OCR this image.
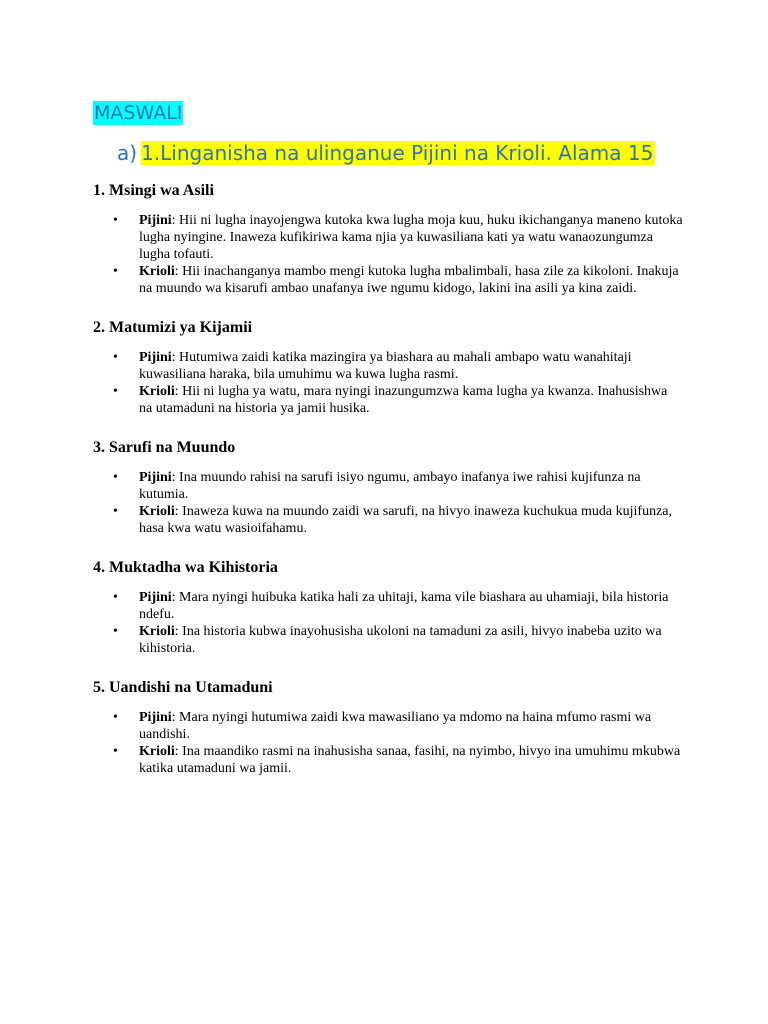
MASWALI
a) 1.Linganisha na ulinganue Pijini na Krioli. Alama 15
1. Msingi wa Asili
• Pijini: Hii ni lugha inayojengwa kutoka kwa lugha moja kuu, huku ikichanganya maneno kutoka lugha nyingine. Inaweza kufikiriwa kama njia ya kuwasiliana kati ya watu wanaozungumza lugha tofauti.
• Krioli: Hii inachanganya mambo mengi kutoka lugha mbalimbali, hasa zile za kikoloni. Inakuja na muundo wa kisarufi ambao unafanya iwe ngumu kidogo, lakini ina asili ya kina zaidi.
2. Matumizi ya Kijamii
• Pijini: Hutumiwa zaidi katika mazingira ya biashara au mahali ambapo watu wanahitaji kuwasiliana haraka, bila umuhimu wa kuwa lugha rasmi.
• Krioli: Hii ni lugha ya watu, mara nyingi inazungumzwa kama lugha ya kwanza. Inahusishwa na utamaduni na historia ya jamii husika.
3. Sarufi na Muundo
• Pijini: Ina muundo rahisi na sarufi isiyo ngumu, ambayo inafanya iwe rahisi kujifunza na kutumia.
• Krioli: Inaweza kuwa na muundo zaidi wa sarufi, na hivyo inaweza kuchukua muda kujifunza, hasa kwa watu wasioifahamu.
4. Muktadha wa Kihistoria
• Pijini: Mara nyingi huibuka katika hali za uhitaji, kama vile biashara au uhamiaji, bila historia ndefu.
• Krioli: Ina historia kubwa inayohusisha ukoloni na tamaduni za asili, hivyo inabeba uzito wa kihistoria.
5. Uandishi na Utamaduni
• Pijini: Mara nyingi hutumiwa zaidi kwa mawasiliano ya mdomo na haina mfumo rasmi wa uandishi.
• Krioli: Ina maandiko rasmi na inahusisha sanaa, fasihi, na nyimbo, hivyo ina umuhimu mkubwa katika utamaduni wa jamii.
